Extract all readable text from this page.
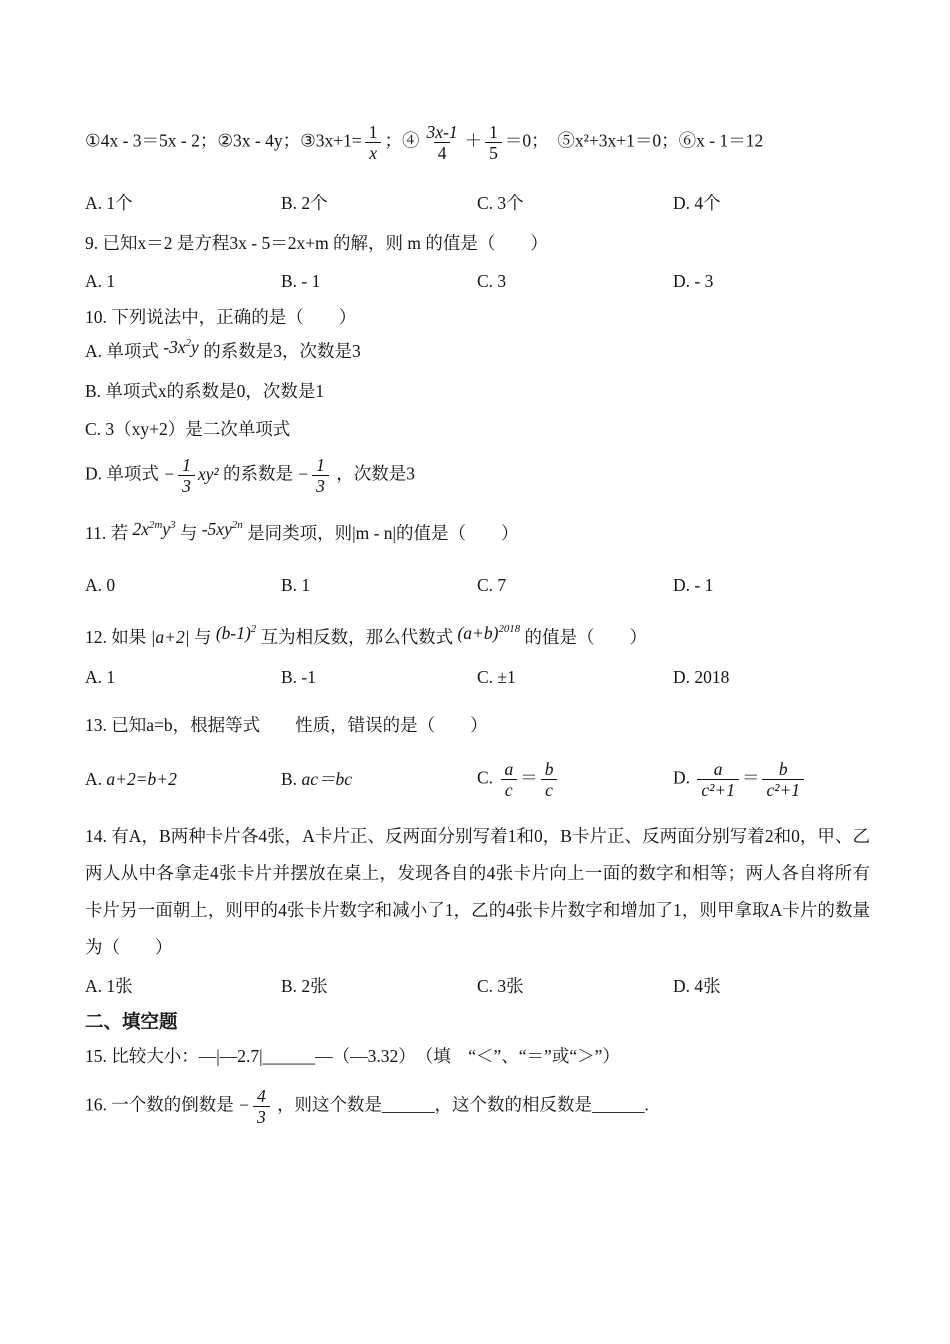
①4x - 3＝5x - 2；②3x - 4y；③3x+1= $\frac{1}{x}$ ；④ $\frac{3x-1}{4} + \frac{1}{5} =0$；　⑤x²+3x+1＝0；⑥x - 1＝12
A. 1个	B. 2个	C. 3个	D. 4个
9. 已知x＝2 是方程3x - 5＝2x+m 的解，则 m 的值是（　　）
A. 1	B. - 1	C. 3	D. - 3
10. 下列说法中，正确的是（　　）
A. 单项式 $-3x^2y$ 的系数是3，次数是3
B. 单项式x的系数是0，次数是1
C. 3（xy+2）是二次单项式
D. 单项式 − $\frac{1}{3} xy^2$ 的系数是 − $\frac{1}{3}$ ，次数是3
11. 若 $2x^{2m}y^3$ 与 $-5xy^{2n}$ 是同类项，则|m - n|的值是（　　）
A. 0	B. 1	C. 7	D. - 1
12. 如果 |a+2| 与 $(b-1)^2$ 互为相反数，那么代数式 $(a+b)^{2018}$ 的值是（　　）
A. 1	B. -1	C. ±1	D. 2018
13. 已知a=b，根据等式　　性质，错误的是（　　）
A. a+2=b+2	B. ac＝bc	C. $\frac{a}{c} = \frac{b}{c}$	D. $\frac{a}{\text{c²+1}} = \frac{b}{\text{c²+1}}$

14. 有A，B两种卡片各4张，A卡片正、反两面分别写着1和0，B卡片正、反两面分别写着2和0，甲、乙两人从中各拿走4张卡片并摆放在桌上，发现各自的4张卡片向上一面的数字和相等；两人各自将所有卡片另一面朝上，则甲的4张卡片数字和减小了1，乙的4张卡片数字和增加了1，则甲拿取A卡片的数量为（　　）

A. 1张	B. 2张	C. 3张	D. 4张
二、填空题
15. 比较大小：—|—2.7|______—（—3.32）　（填　“＜”、“＝”或“＞”）
16. 一个数的倒数是 − $\frac{4}{3}$ ，则这个数是______，这个数的相反数是______.
